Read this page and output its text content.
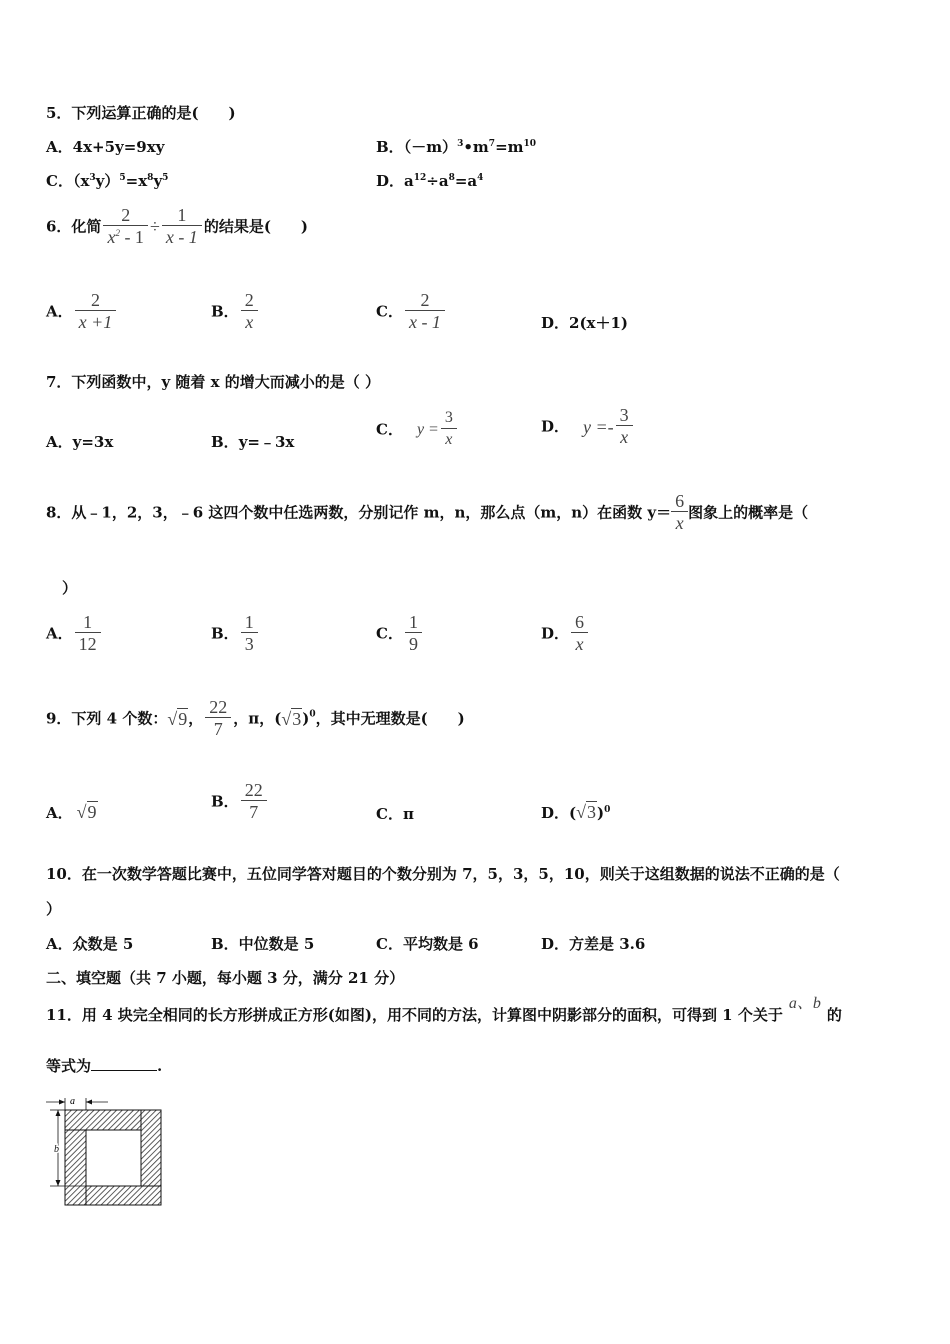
5．下列运算正确的是(　　)
A．4x+5y=9xy	B．$(-m)^3•m^7=m^{10}$
C．$(x^3y)^5=x^8y^5$	D．$a^{12}\div a^8=a^4$
6．化简 $\frac{2}{x^2 - 1} \div \frac{1}{x - 1}$ 的结果是(　　)
A． $\frac{2}{x +1}$	B． $\frac{2}{x}$	C． $\frac{2}{x - 1}$	D．2(x＋1)
7．下列函数中，y 随着 x 的增大而减小的是（ ）
A．y=3x	B．y=﹣3x
C． $y = \frac{3}{x}$	D． $y =- \frac{3}{x}$
8．从﹣1，2，3，﹣6 这四个数中任选两数，分别记作 m，n，那么点（m，n）在函数 $y= \frac{6}{x}$ 图象上的概率是（
）
A． $\frac{1}{12}$	B． $\frac{1}{3}$	C． $\frac{1}{9}$	D． $\frac{6}{x}$
9．下列 4 个数：√9， $\frac{22}{7}$ ，π，$(√3)^0$，其中无理数是(　　)
A． √9
B． $\frac{22}{7}$	C．π	D．$(√3)^0$
10．在一次数学答题比赛中，五位同学答对题目的个数分别为 7，5，3，5，10，则关于这组数据的说法不正确的是（
）
A．众数是 5	B．中位数是 5	C．平均数是 6	D．方差是 3.6
二、填空题（共 7 小题，每小题 3 分，满分 21 分）
11．用 4 块完全相同的长方形拼成正方形(如图)，用不同的方法，计算图中阴影部分的面积，可得到 1 个关于a、b的
等式为	.
a
b
